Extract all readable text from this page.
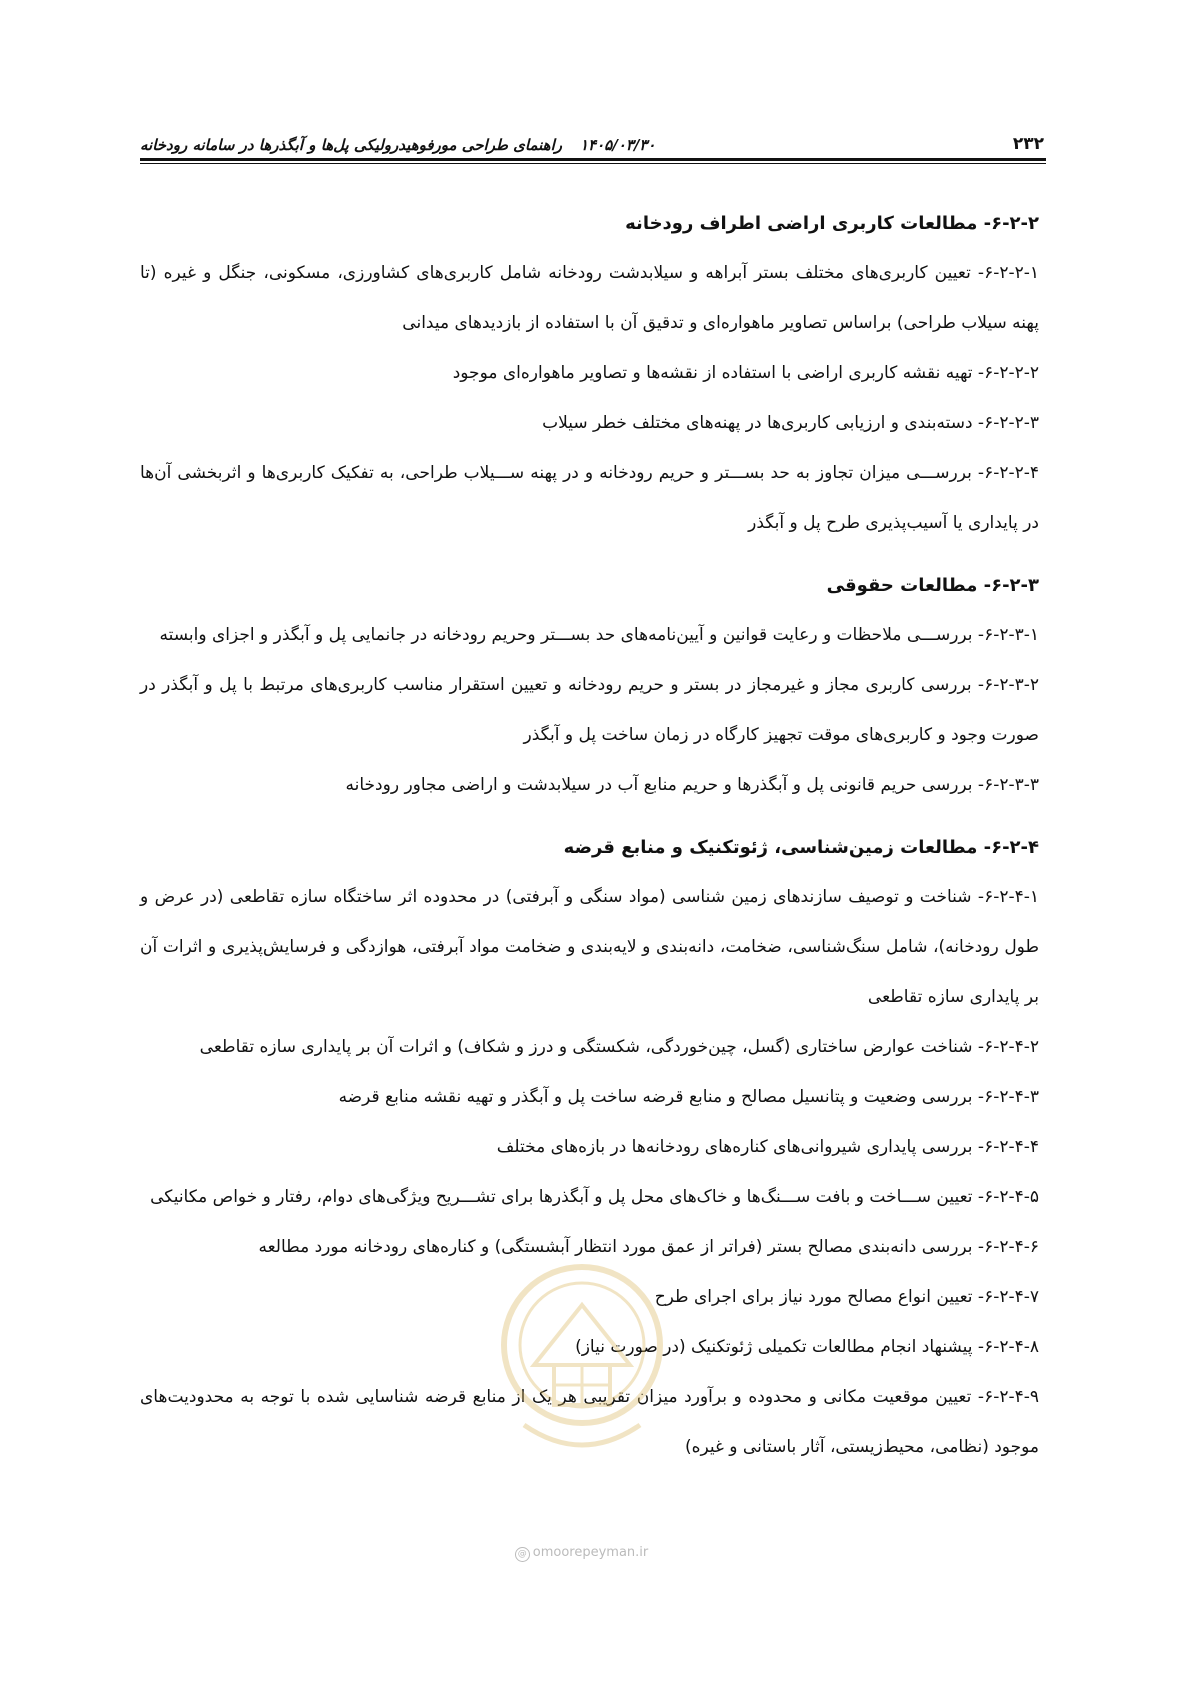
۲۳۲
۱۴۰۵/۰۳/۳۰
راهنمای طراحی مورفوهیدرولیکی پل‌ها و آبگذرها در سامانه رودخانه
۶-۲-۲- مطالعات کاربری اراضی اطراف رودخانه

۶-۲-۲-۱- تعیین کاربری‌های مختلف بستر آبراهه و سیلابدشت رودخانه شامل کاربری‌های کشاورزی، مسکونی، جنگل و غیره (تا پهنه سیلاب طراحی) براساس تصاویر ماهواره‌ای و تدقیق آن با استفاده از بازدیدهای میدانی

۶-۲-۲-۲- تهیه نقشه کاربری اراضی با استفاده از نقشه‌ها و تصاویر ماهواره‌ای موجود

۶-۲-۲-۳- دسته‌بندی و ارزیابی کاربری‌ها در پهنه‌های مختلف خطر سیلاب

۶-۲-۲-۴- بررســـی میزان تجاوز به حد بســـتر و حریم رودخانه و در پهنه ســـیلاب طراحی، به تفکیک کاربری‌ها و اثربخشی آن‌ها در پایداری یا آسیب‌پذیری طرح پل و آبگذر

۶-۲-۳- مطالعات حقوقی

۶-۲-۳-۱- بررســـی ملاحظات و رعایت قوانین و آیین‌نامه‌های حد بســـتر وحریم رودخانه در جانمایی پل و آبگذر و اجزای وابسته

۶-۲-۳-۲- بررسی کاربری مجاز و غیرمجاز در بستر و حریم رودخانه و تعیین استقرار مناسب کاربری‌های مرتبط با پل و آبگذر در صورت وجود و کاربری‌های موقت تجهیز کارگاه در زمان ساخت پل و آبگذر

۶-۲-۳-۳- بررسی حریم قانونی پل و آبگذرها و حریم منابع آب در سیلابدشت و اراضی مجاور رودخانه

۶-۲-۴- مطالعات زمین‌شناسی، ژئوتکنیک و منابع قرضه

۶-۲-۴-۱- شناخت و توصیف سازندهای زمین شناسی (مواد سنگی و آبرفتی) در محدوده اثر ساختگاه سازه تقاطعی (در عرض و طول رودخانه)، شامل سنگ‌شناسی، ضخامت، دانه‌بندی و لایه‌بندی و ضخامت مواد آبرفتی، هوازدگی و فرسایش‌پذیری و اثرات آن بر پایداری سازه تقاطعی

۶-۲-۴-۲- شناخت عوارض ساختاری (گسل، چین‌خوردگی، شکستگی و درز و شکاف) و اثرات آن بر پایداری سازه تقاطعی

۶-۲-۴-۳- بررسی وضعیت و پتانسیل مصالح و منابع قرضه ساخت پل و آبگذر و تهیه نقشه منابع قرضه

۶-۲-۴-۴- بررسی پایداری شیروانی‌های کناره‌های رودخانه‌ها در بازه‌های مختلف

۶-۲-۴-۵- تعیین ســـاخت و بافت ســـنگ‌ها و خاک‌های محل پل و آبگذرها برای تشـــریح ویژگی‌های دوام، رفتار و خواص مکانیکی

۶-۲-۴-۶- بررسی دانه‌بندی مصالح بستر (فراتر از عمق مورد انتظار آبشستگی) و کناره‌های رودخانه مورد مطالعه

۶-۲-۴-۷- تعیین انواع مصالح مورد نیاز برای اجرای طرح

۶-۲-۴-۸- پیشنهاد انجام مطالعات تکمیلی ژئوتکنیک (در صورت نیاز)

۶-۲-۴-۹- تعیین موقعیت مکانی و محدوده و برآورد میزان تقریبی هر یک از منابع قرضه شناسایی شده با توجه به محدودیت‌های موجود (نظامی، محیط‌زیستی، آثار باستانی و غیره)

@ omoorepeyman.ir
